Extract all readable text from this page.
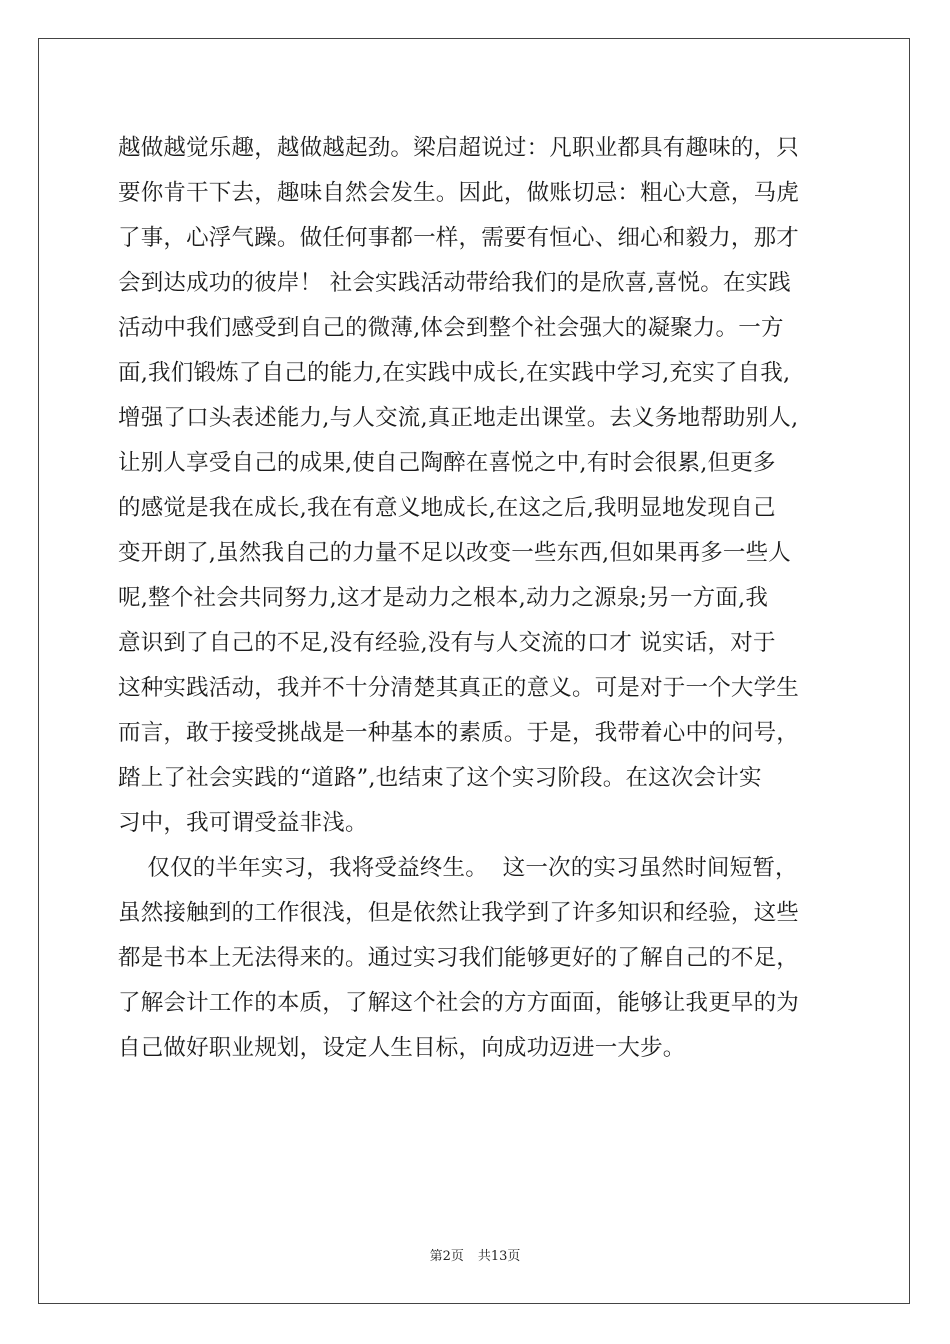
越做越觉乐趣，越做越起劲。梁启超说过：凡职业都具有趣味的，只
要你肯干下去，趣味自然会发生。因此，做账切忌：粗心大意，马虎
了事，心浮气躁。做任何事都一样，需要有恒心、细心和毅力，那才
会到达成功的彼岸！ 社会实践活动带给我们的是欣喜,喜悦。在实践
活动中我们感受到自己的微薄,体会到整个社会强大的凝聚力。一方
面,我们锻炼了自己的能力,在实践中成长,在实践中学习,充实了自我,
增强了口头表述能力,与人交流,真正地走出课堂。去义务地帮助别人,
让别人享受自己的成果,使自己陶醉在喜悦之中,有时会很累,但更多
的感觉是我在成长,我在有意义地成长,在这之后,我明显地发现自己
变开朗了,虽然我自己的力量不足以改变一些东西,但如果再多一些人
呢,整个社会共同努力,这才是动力之根本,动力之源泉;另一方面,我
意识到了自己的不足,没有经验,没有与人交流的口才 说实话，对于
这种实践活动，我并不十分清楚其真正的意义。可是对于一个大学生
而言，敢于接受挑战是一种基本的素质。于是，我带着心中的问号，
踏上了社会实践的“道路”,也结束了这个实习阶段。在这次会计实
习中，我可谓受益非浅。
仅仅的半年实习，我将受益终生。  这一次的实习虽然时间短暂，
虽然接触到的工作很浅，但是依然让我学到了许多知识和经验，这些
都是书本上无法得来的。通过实习我们能够更好的了解自己的不足，
了解会计工作的本质，了解这个社会的方方面面，能够让我更早的为
自己做好职业规划，设定人生目标，向成功迈进一大步。
第2页 共13页
